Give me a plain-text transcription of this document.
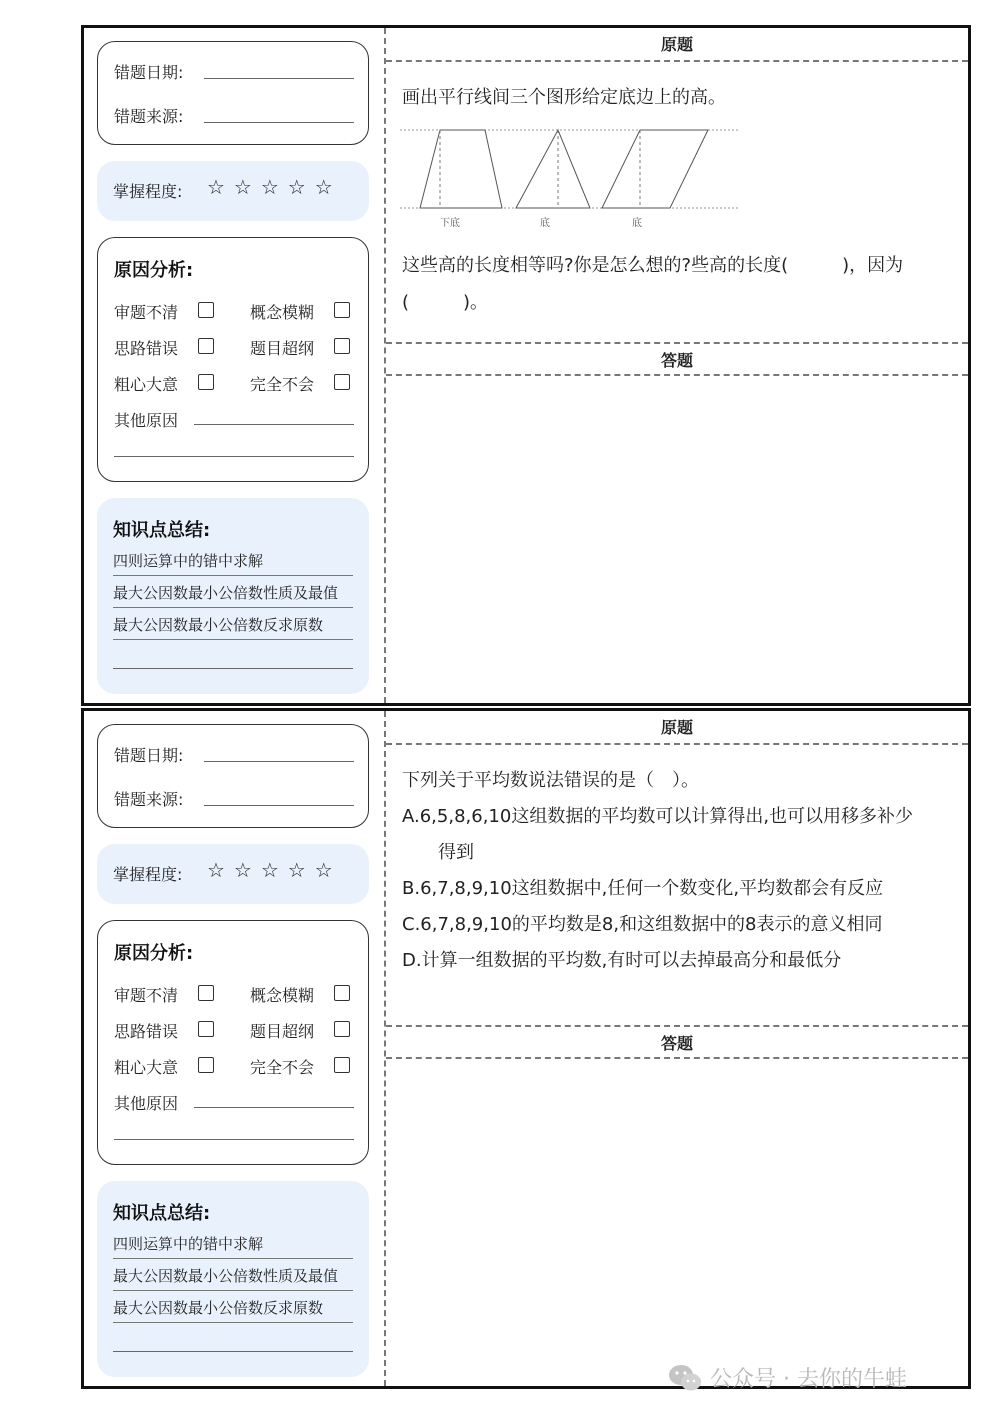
错题日期:
错题来源:
掌握程度: ☆☆☆☆☆
原因分析:
审题不清	概念模糊
思路错误	题目超纲
粗心大意	完全不会
其他原因
知识点总结:
四则运算中的错中求解
最大公因数最小公倍数性质及最值
最大公因数最小公倍数反求原数
原题
画出平行线间三个图形给定底边上的高。
下底	底	底
这些高的长度相等吗?你是怎么想的?些高的长度(　　　)，因为
(　　　)。
答题
错题日期:
错题来源:
掌握程度: ☆☆☆☆☆
原因分析:
审题不清	概念模糊
思路错误	题目超纲
粗心大意	完全不会
其他原因
知识点总结:
四则运算中的错中求解
最大公因数最小公倍数性质及最值
最大公因数最小公倍数反求原数
原题
下列关于平均数说法错误的是（　）。
A.6,5,8,6,10这组数据的平均数可以计算得出,也可以用移多补少
得到
B.6,7,8,9,10这组数据中,任何一个数变化,平均数都会有反应
C.6,7,8,9,10的平均数是8,和这组数据中的8表示的意义相同
D.计算一组数据的平均数,有时可以去掉最高分和最低分
答题
公众号 · 去你的牛蛙
